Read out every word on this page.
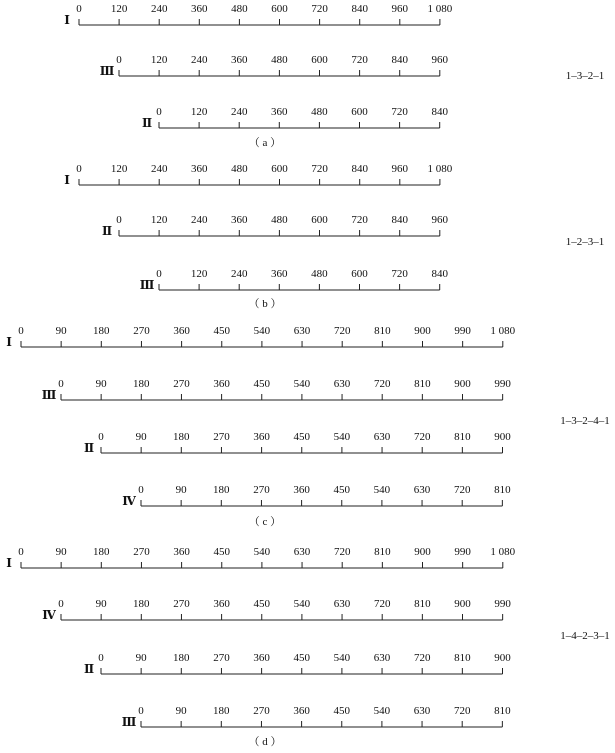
Ⅰ
0	120 240 360 480 600 720 840 960 1 080
Ⅲ
0	120 240 360 480 600 720 840 960
Ⅱ
0	120 240 360 480 600 720 840
（ a ）
1–3–2–1
Ⅰ
0	120 240 360 480 600 720 840 960 1 080
Ⅱ
0	120 240 360 480 600 720 840 960
Ⅲ
0	120 240 360 480 600 720 840
（ b ）
1–2–3–1
Ⅰ
0	90 180 270 360 450 540 630 720 810 900 990 1 080
Ⅲ
0	90 180 270 360 450 540 630 720 810 900 990
Ⅱ
0	90 180 270 360 450 540 630 720 810 900
Ⅳ
0	90 180 270 360 450 540 630 720 810
（ c ）
1–3–2–4–1
Ⅰ
0	90 180 270 360 450 540 630 720 810 900 990 1 080
Ⅳ
0	90 180 270 360 450 540 630 720 810 900 990
Ⅱ
0	90 180 270 360 450 540 630 720 810 900
Ⅲ
0	90 180 270 360 450 540 630 720 810
（ d ）
1–4–2–3–1
